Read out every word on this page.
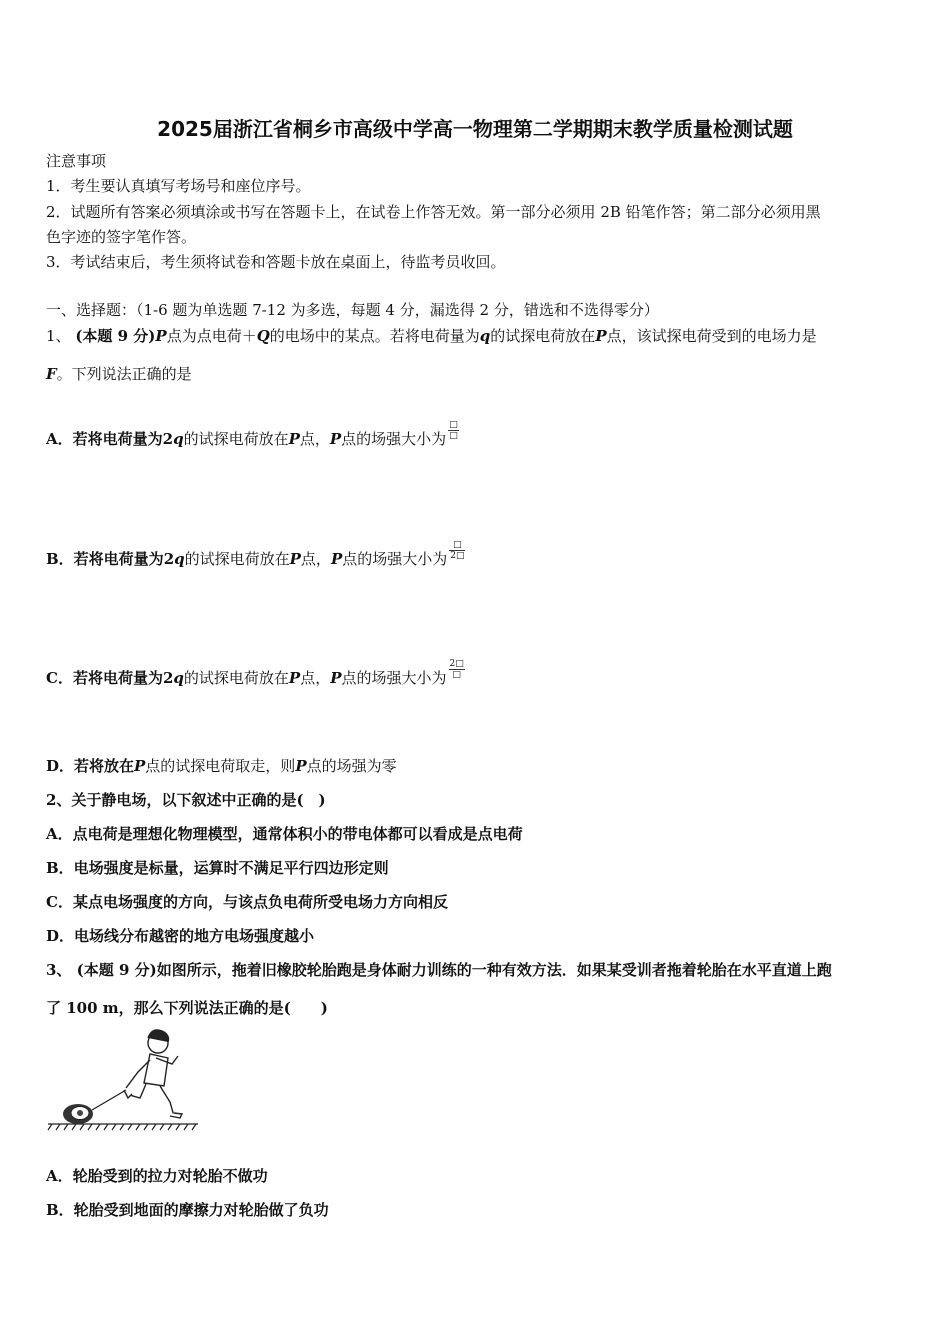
2025届浙江省桐乡市高级中学高一物理第二学期期末教学质量检测试题
注意事项
1．考生要认真填写考场号和座位序号。
2．试题所有答案必须填涂或书写在答题卡上，在试卷上作答无效。第一部分必须用 2B 铅笔作答；第二部分必须用黑
色字迹的签字笔作答。
3．考试结束后，考生须将试卷和答题卡放在桌面上，待监考员收回。
一、选择题：（1-6 题为单选题 7-12 为多选，每题 4 分，漏选得 2 分，错选和不选得零分）
1、 (本题 9 分)P点为点电荷＋Q的电场中的某点。若将电荷量为q的试探电荷放在P点，该试探电荷受到的电场力是
F。下列说法正确的是
A．若将电荷量为2q的试探电荷放在P点，P点的场强大小为 $\frac{□}{□}$
B．若将电荷量为2q的试探电荷放在P点，P点的场强大小为 $\frac{□}{2□}$
C．若将电荷量为2q的试探电荷放在P点，P点的场强大小为 $\frac{2□}{□}$
D．若将放在P点的试探电荷取走，则P点的场强为零
2、关于静电场，以下叙述中正确的是(　)
A．点电荷是理想化物理模型，通常体积小的带电体都可以看成是点电荷
B．电场强度是标量，运算时不满足平行四边形定则
C．某点电场强度的方向，与该点负电荷所受电场力方向相反
D．电场线分布越密的地方电场强度越小
3、 (本题 9 分)如图所示，拖着旧橡胶轮胎跑是身体耐力训练的一种有效方法．如果某受训者拖着轮胎在水平直道上跑
了 100 m，那么下列说法正确的是(　　)
A．轮胎受到的拉力对轮胎不做功
B．轮胎受到地面的摩擦力对轮胎做了负功
